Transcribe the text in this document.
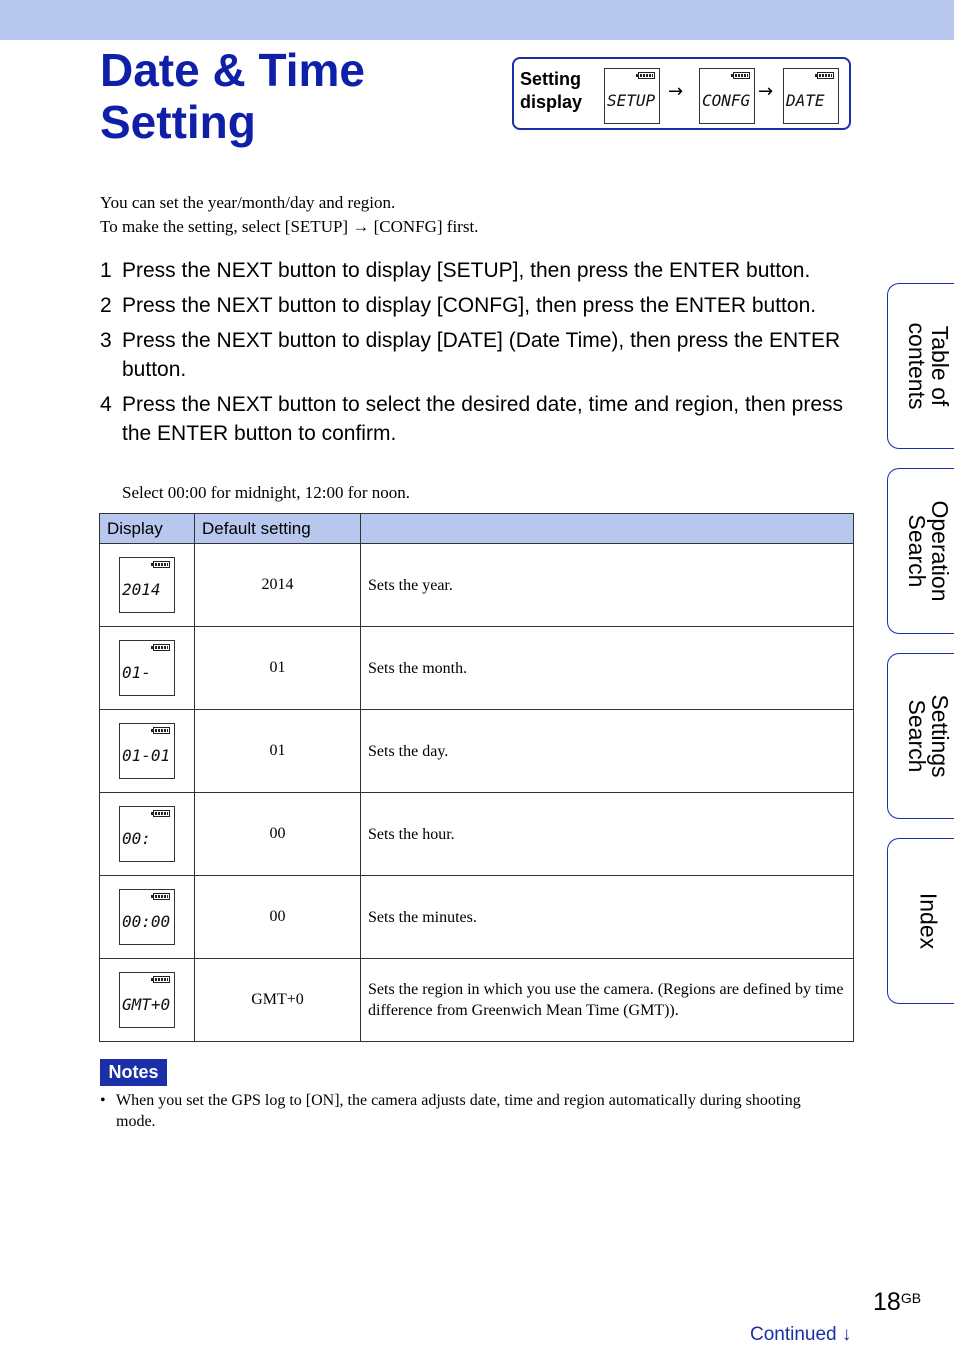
Date & Time
Setting
Setting
display SETUP → CONFG → DATE
You can set the year/month/day and region.
To make the setting, select [SETUP] → [CONFG] first.
1 Press the NEXT button to display [SETUP], then press the ENTER button.
2 Press the NEXT button to display [CONFG], then press the ENTER button.
3 Press the NEXT button to display [DATE] (Date Time), then press the ENTER button.
4 Press the NEXT button to select the desired date, time and region, then press the ENTER button to confirm.
Select 00:00 for midnight, 12:00 for noon.
Display	Default setting	

2014	2014	Sets the year.

01-	01	Sets the month.

01-01	01	Sets the day.

00:	00	Sets the hour.

00:00	00	Sets the minutes.

GMT+0	GMT+0	Sets the region in which you use the camera. (Regions are defined by time difference from Greenwich Mean Time (GMT)).
Notes
• When you set the GPS log to [ON], the camera adjusts date, time and region automatically during shooting mode.
Table of
contents
Operation
Search
Settings
Search
Index
$18^{GB}$
Continued ↓
